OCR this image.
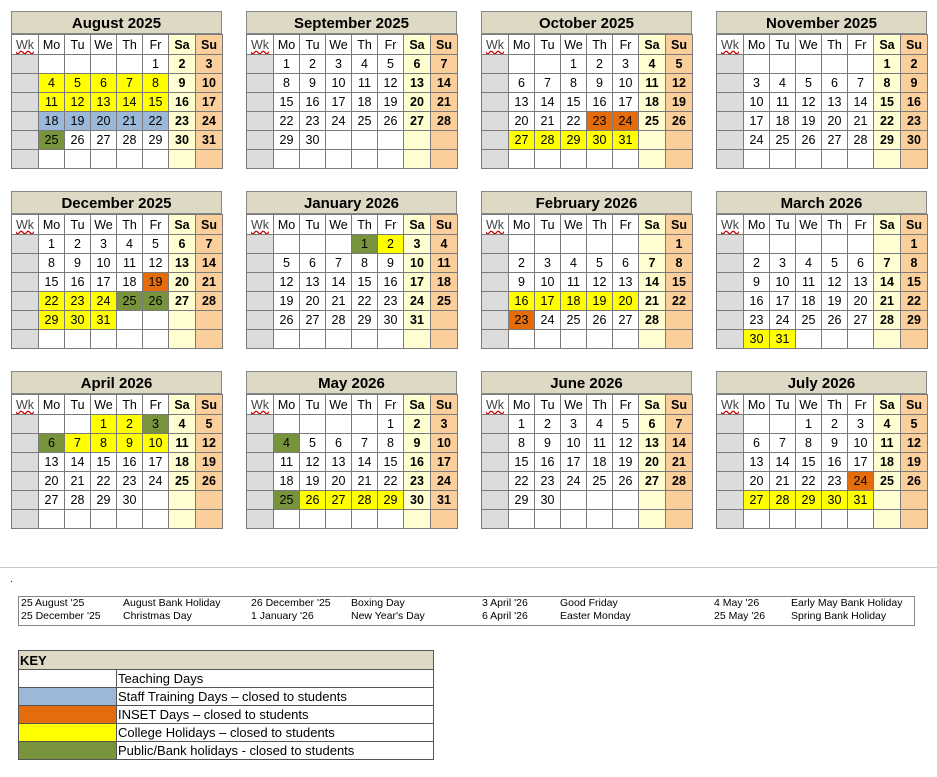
August 2025
Wk	Mo	Tu	We	Th	Fr	Sa	Su
					1	2	3
	4	5	6	7	8	9	10
	11	12	13	14	15	16	17
	18	19	20	21	22	23	24
	25	26	27	28	29	30	31

September 2025
Wk	Mo	Tu	We	Th	Fr	Sa	Su
	1	2	3	4	5	6	7
	8	9	10	11	12	13	14
	15	16	17	18	19	20	21
	22	23	24	25	26	27	28
	29	30					

October 2025
Wk	Mo	Tu	We	Th	Fr	Sa	Su
			1	2	3	4	5
	6	7	8	9	10	11	12
	13	14	15	16	17	18	19
	20	21	22	23	24	25	26
	27	28	29	30	31		

November 2025
Wk	Mo	Tu	We	Th	Fr	Sa	Su
						1	2
	3	4	5	6	7	8	9
	10	11	12	13	14	15	16
	17	18	19	20	21	22	23
	24	25	26	27	28	29	30

December 2025
Wk	Mo	Tu	We	Th	Fr	Sa	Su
	1	2	3	4	5	6	7
	8	9	10	11	12	13	14
	15	16	17	18	19	20	21
	22	23	24	25	26	27	28
	29	30	31				

January 2026
Wk	Mo	Tu	We	Th	Fr	Sa	Su
				1	2	3	4
	5	6	7	8	9	10	11
	12	13	14	15	16	17	18
	19	20	21	22	23	24	25
	26	27	28	29	30	31	

February 2026
Wk	Mo	Tu	We	Th	Fr	Sa	Su
							1
	2	3	4	5	6	7	8
	9	10	11	12	13	14	15
	16	17	18	19	20	21	22
	23	24	25	26	27	28	

March 2026
Wk	Mo	Tu	We	Th	Fr	Sa	Su
							1
	2	3	4	5	6	7	8
	9	10	11	12	13	14	15
	16	17	18	19	20	21	22
	23	24	25	26	27	28	29
	30	31					
April 2026
Wk	Mo	Tu	We	Th	Fr	Sa	Su
			1	2	3	4	5
	6	7	8	9	10	11	12
	13	14	15	16	17	18	19
	20	21	22	23	24	25	26
	27	28	29	30			

May 2026
Wk	Mo	Tu	We	Th	Fr	Sa	Su
					1	2	3
	4	5	6	7	8	9	10
	11	12	13	14	15	16	17
	18	19	20	21	22	23	24
	25	26	27	28	29	30	31

June 2026
Wk	Mo	Tu	We	Th	Fr	Sa	Su
	1	2	3	4	5	6	7
	8	9	10	11	12	13	14
	15	16	17	18	19	20	21
	22	23	24	25	26	27	28
	29	30					

July 2026
Wk	Mo	Tu	We	Th	Fr	Sa	Su
			1	2	3	4	5
	6	7	8	9	10	11	12
	13	14	15	16	17	18	19
	20	21	22	23	24	25	26
	27	28	29	30	31		

.
25 August '25	August Bank Holiday	26 December '25 Boxing Day	3 April '26	Good Friday	4 May '26	Early May Bank Holiday
25 December '25 Christmas Day	1 January '26	New Year's Day	6 April '26	Easter Monday	25 May '26 Spring Bank Holiday
KEY	
	Teaching Days
	Staff Training Days – closed to students
	INSET Days – closed to students
	College Holidays – closed to students
	Public/Bank holidays - closed to students
